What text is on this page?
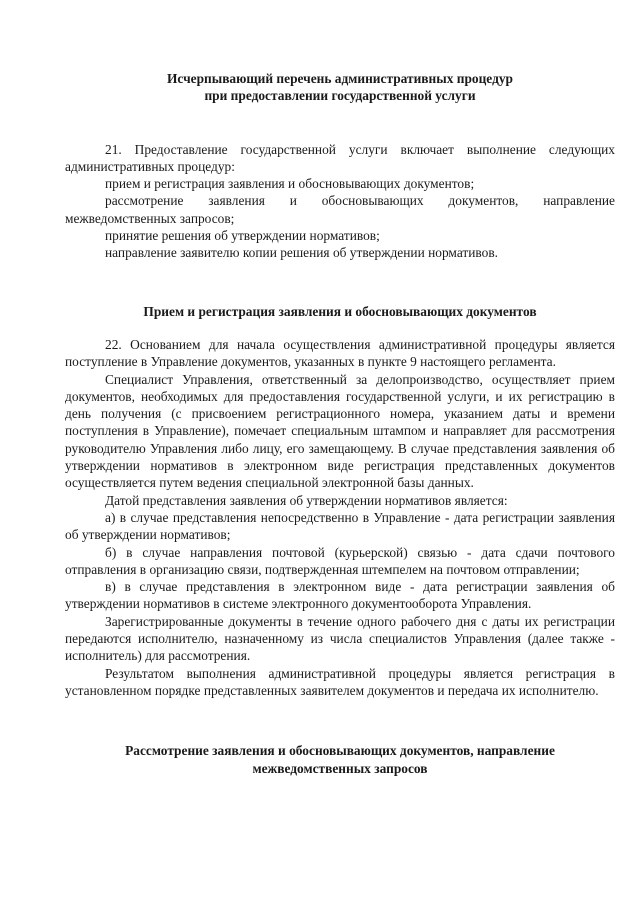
Исчерпывающий перечень административных процедур
при предоставлении государственной услуги

21. Предоставление государственной услуги включает выполнение следующих административных процедур:

прием и регистрация заявления и обосновывающих документов;

рассмотрение заявления и обосновывающих документов, направление межведомственных запросов;

принятие решения об утверждении нормативов;

направление заявителю копии решения об утверждении нормативов.

Прием и регистрация заявления и обосновывающих документов

22. Основанием для начала осуществления административной процедуры является поступление в Управление документов, указанных в пункте 9 настоящего регламента.

Специалист Управления, ответственный за делопроизводство, осуществляет прием документов, необходимых для предоставления государственной услуги, и их регистрацию в день получения (с присвоением регистрационного номера, указанием даты и времени поступления в Управление), помечает специальным штампом и направляет для рассмотрения руководителю Управления либо лицу, его замещающему. В случае представления заявления об утверждении нормативов в электронном виде регистрация представленных документов осуществляется путем ведения специальной электронной базы данных.

Датой представления заявления об утверждении нормативов является:

а) в случае представления непосредственно в Управление - дата регистрации заявления об утверждении нормативов;

б) в случае направления почтовой (курьерской) связью - дата сдачи почтового отправления в организацию связи, подтвержденная штемпелем на почтовом отправлении;

в) в случае представления в электронном виде - дата регистрации заявления об утверждении нормативов в системе электронного документооборота Управления.

Зарегистрированные документы в течение одного рабочего дня с даты их регистрации передаются исполнителю, назначенному из числа специалистов Управления (далее также - исполнитель) для рассмотрения.

Результатом выполнения административной процедуры является регистрация в установленном порядке представленных заявителем документов и передача их исполнителю.

Рассмотрение заявления и обосновывающих документов, направление
межведомственных запросов
